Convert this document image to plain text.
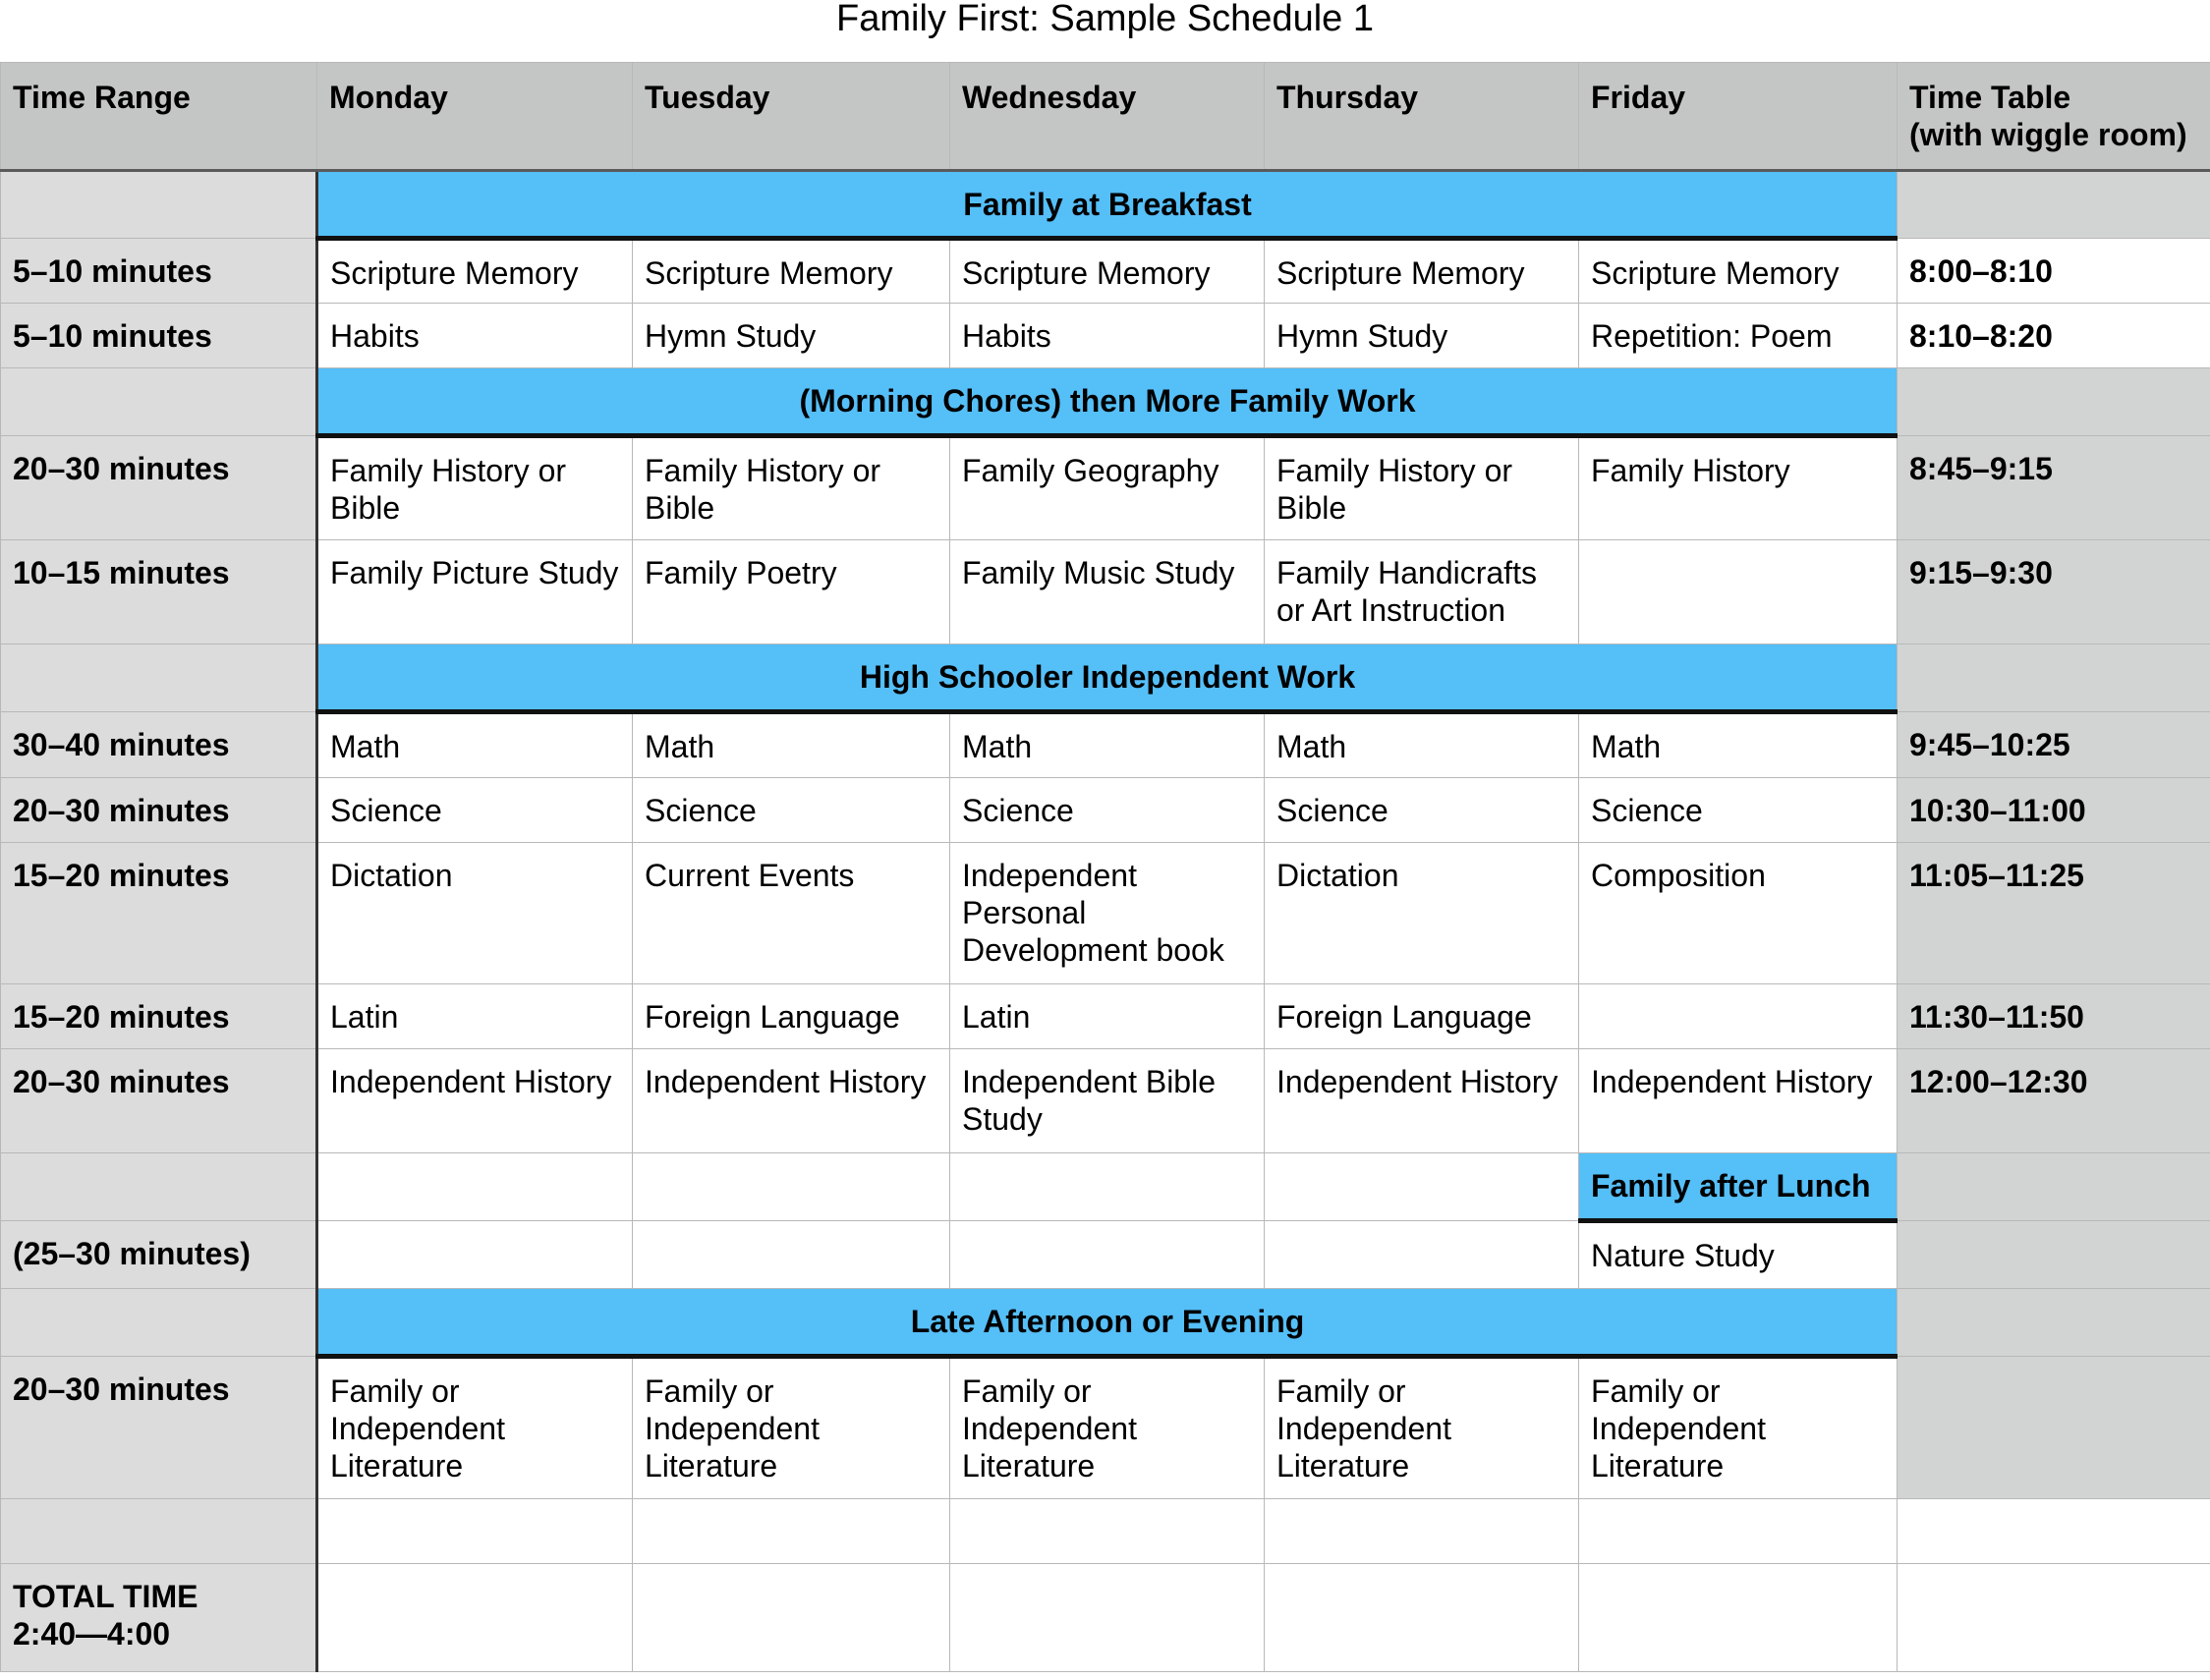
Family First: Sample Schedule 1
Time Range	Monday	Tuesday	Wednesday	Thursday	Friday	Time Table
(with wiggle room)
	Family at Breakfast					
5–10 minutes	Scripture Memory	Scripture Memory	Scripture Memory	Scripture Memory	Scripture Memory	8:00–8:10
5–10 minutes	Habits	Hymn Study	Habits	Hymn Study	Repetition: Poem	8:10–8:20
	(Morning Chores) then More Family Work					
20–30 minutes	Family History or Bible	Family History or Bible	Family Geography	Family History or Bible	Family History	8:45–9:15
10–15 minutes	Family Picture Study	Family Poetry	Family Music Study	Family Handicrafts or Art Instruction		9:15–9:30
	High Schooler Independent Work					
30–40 minutes	Math	Math	Math	Math	Math	9:45–10:25
20–30 minutes	Science	Science	Science	Science	Science	10:30–11:00
15–20 minutes	Dictation	Current Events	Independent Personal Development book	Dictation	Composition	11:05–11:25
15–20 minutes	Latin	Foreign Language	Latin	Foreign Language		11:30–11:50
20–30 minutes	Independent History	Independent History	Independent Bible Study	Independent History	Independent History	12:00–12:30
					Family after Lunch	
(25–30 minutes)					Nature Study	
	Late Afternoon or Evening					
20–30 minutes	Family or Independent Literature	Family or Independent Literature	Family or Independent Literature	Family or Independent Literature	Family or Independent Literature	

TOTAL TIME
2:40—4:00						
